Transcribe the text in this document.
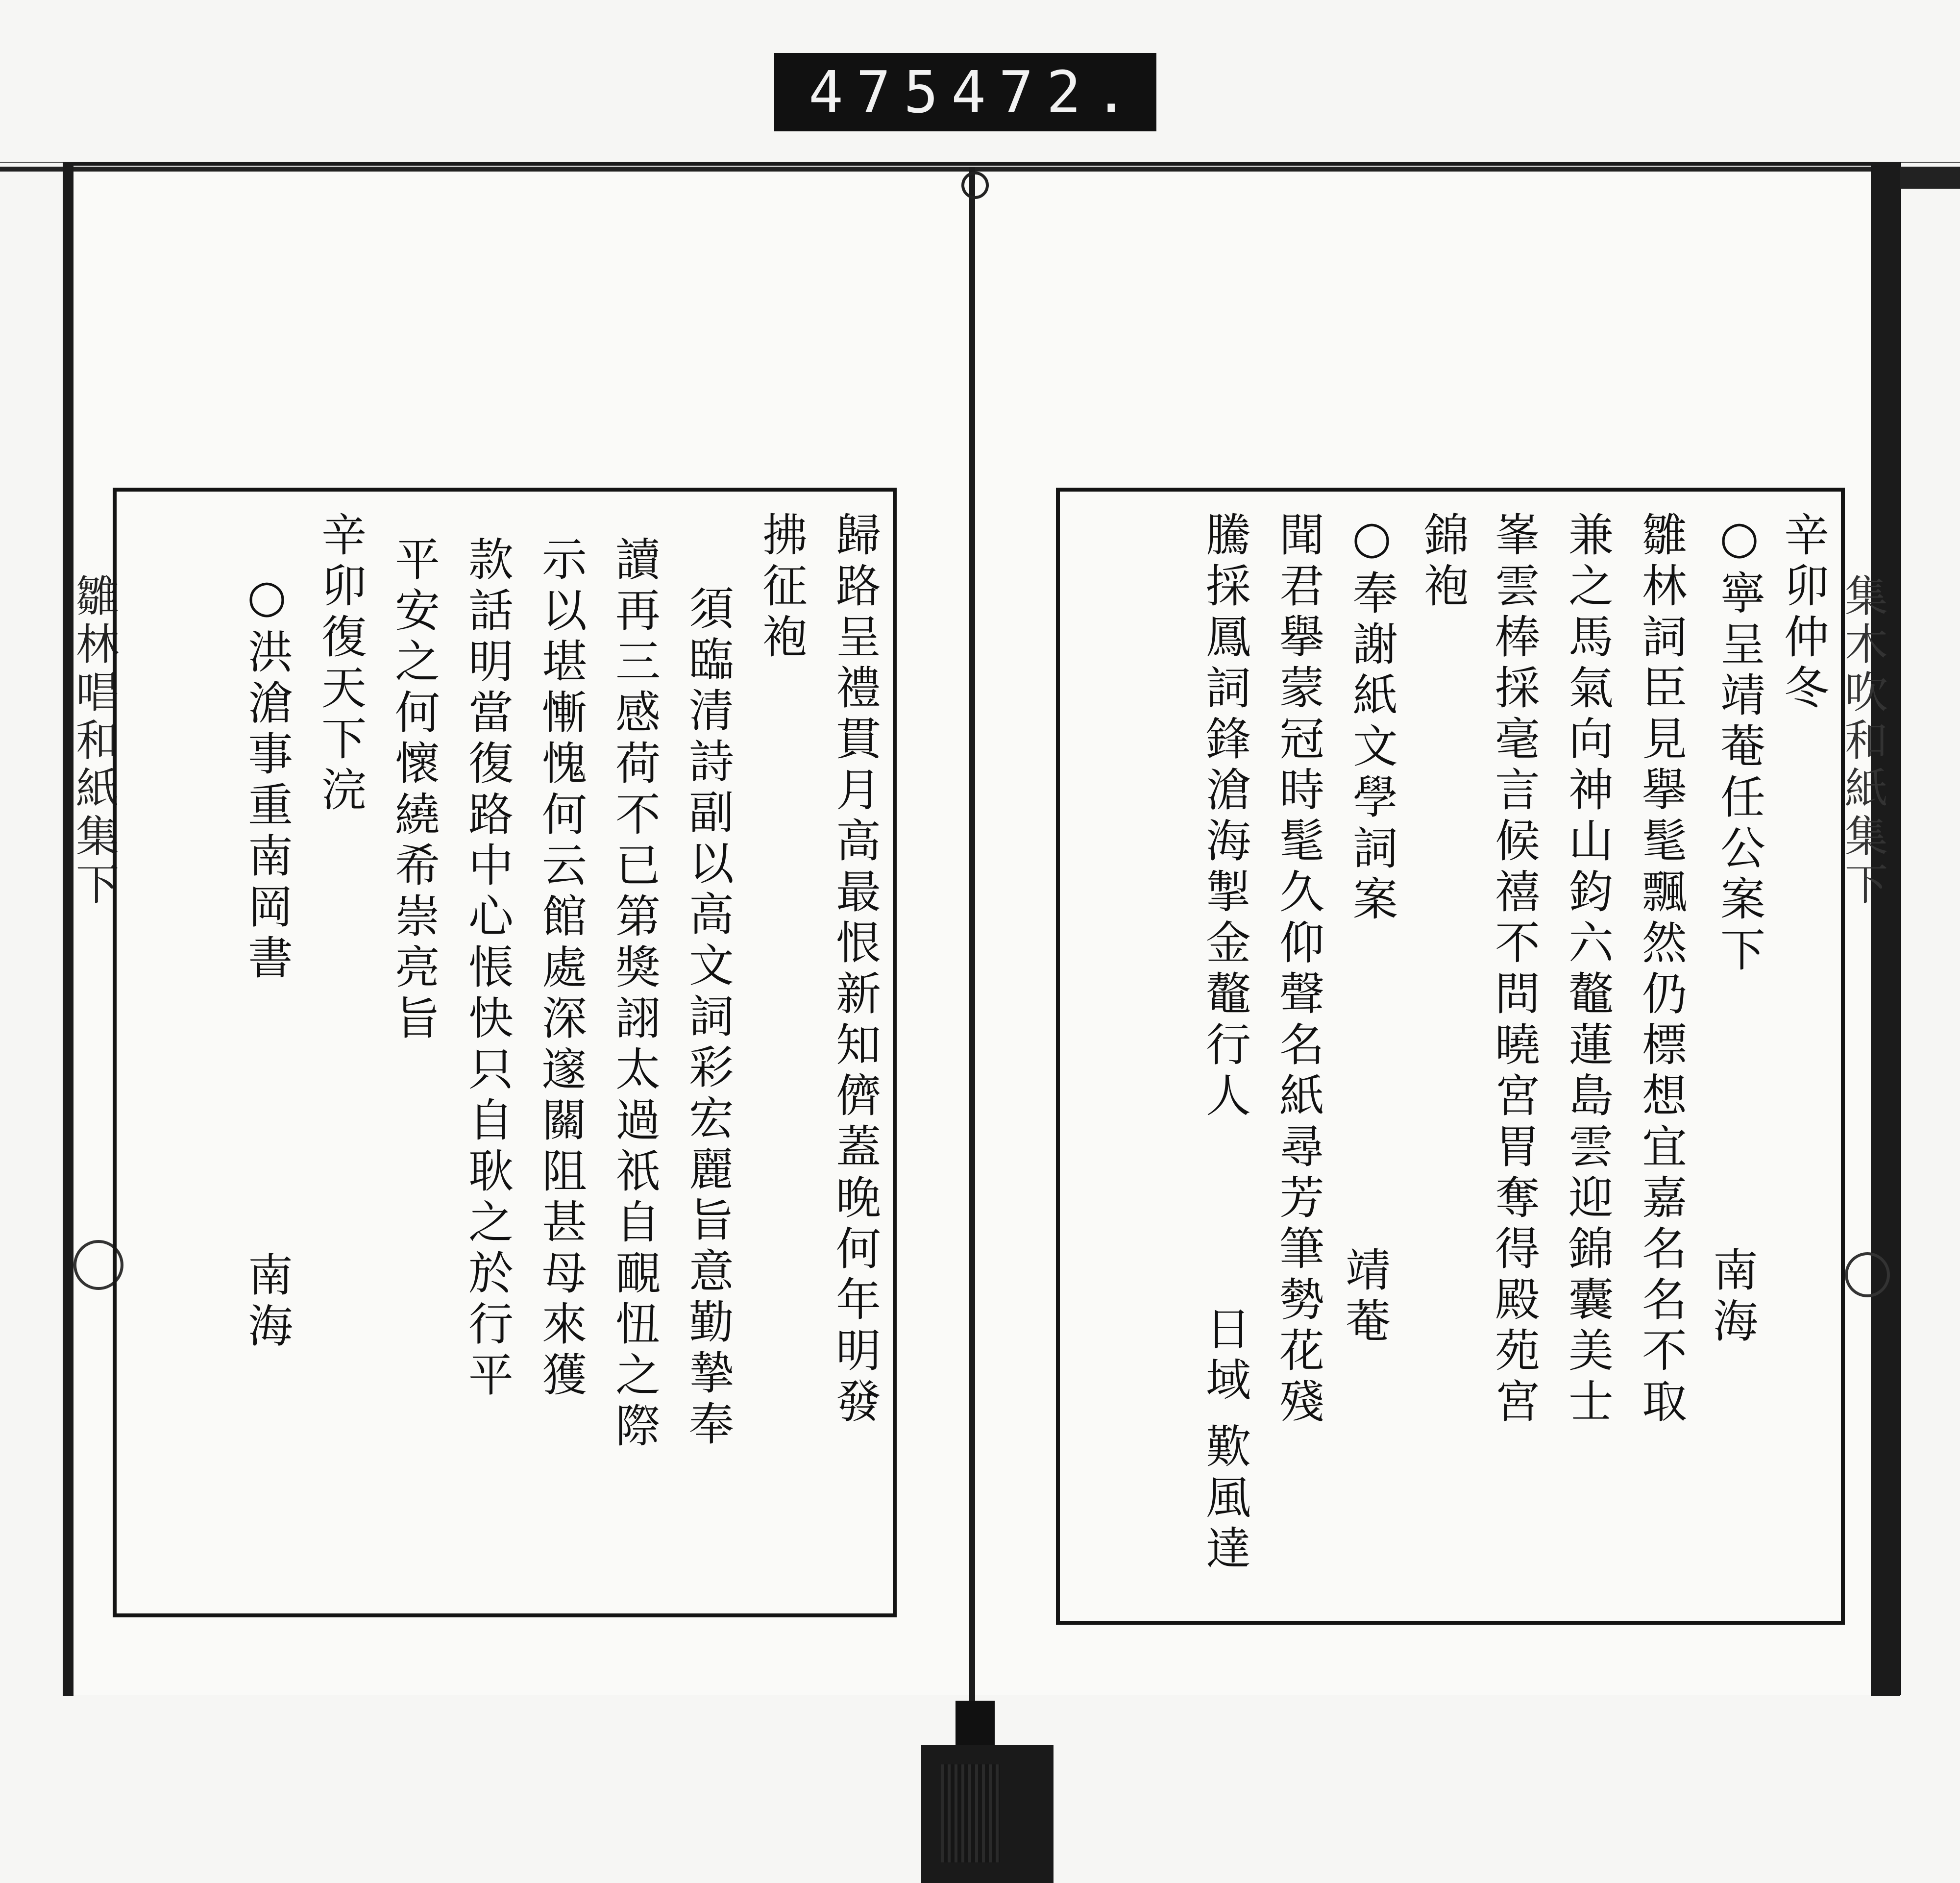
475 472.
雛林唱和紙集下	集木吹和紙集下
辛卯仲冬
○寧呈靖菴任公案下
南海
雛林詞臣見擧髦飄然仍標想宜嘉名名不取
兼之馬氣向神山鈞六鼇蓮島雲迎錦囊美士
峯雲棒採毫言候禧不問曉宮胃奪得殿苑宮
錦袍
○奉謝紙文學詞案
靖菴
聞君擧蒙冠時髦久仰聲名紙尋芳筆勢花殘
騰採鳳詞鋒滄海掣金鼇行人
日域
歎風達
歸路呈禮貫月高最恨新知儕蓋晚何年明發
拂征袍
須臨清詩副以高文詞彩宏麗旨意勤摯奉
讀再三感荷不已第獎詡太過祇自靦忸之際
示以堪慚愧何云館處深邃關阻甚母來獲
款話明當復路中心悵快只自耿之於行平
平安之何懷繞希崇亮旨
辛卯復天下浣
○洪滄事重南岡書
南海
